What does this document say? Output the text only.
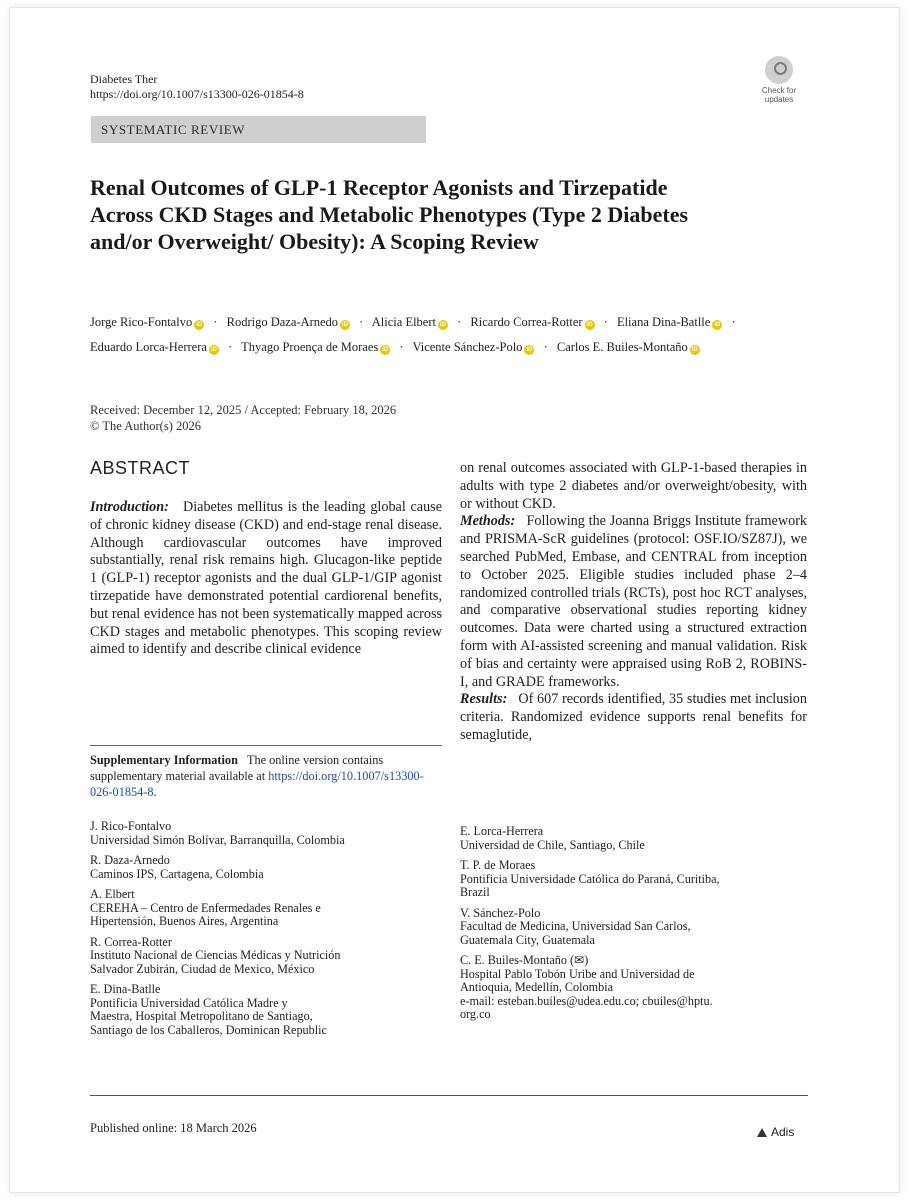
Diabetes Ther
https://doi.org/10.1007/s13300-026-01854-8	Check for updates
SYSTEMATIC REVIEW
Renal Outcomes of GLP-1 Receptor Agonists and Tirzepatide Across CKD Stages and Metabolic Phenotypes (Type 2 Diabetes and/or Overweight/ Obesity): A Scoping Review
Jorge Rico-Fontalvo iD · Rodrigo Daza-Arnedo iD · Alicia Elbert iD · Ricardo Correa-Rotter iD · Eliana Dina-Batlle iD ·
Eduardo Lorca-Herrera iD · Thyago Proença de Moraes iD · Vicente Sánchez-Polo iD · Carlos E. Builes-Montaño iD
Received: December 12, 2025 / Accepted: February 18, 2026
© The Author(s) 2026
ABSTRACT
Introduction: Diabetes mellitus is the leading global cause of chronic kidney disease (CKD) and end-stage renal disease. Although cardiovascular outcomes have improved substantially, renal risk remains high. Glucagon-like peptide 1 (GLP-1) receptor agonists and the dual GLP-1/GIP agonist tirzepatide have demonstrated potential cardiorenal benefits, but renal evidence has not been systematically mapped across CKD stages and metabolic phenotypes. This scoping review aimed to identify and describe clinical evidence
on renal outcomes associated with GLP-1-based therapies in adults with type 2 diabetes and/or overweight/obesity, with or without CKD.
Methods: Following the Joanna Briggs Institute framework and PRISMA-ScR guidelines (protocol: OSF.IO/SZ87J), we searched PubMed, Embase, and CENTRAL from inception to October 2025. Eligible studies included phase 2–4 randomized controlled trials (RCTs), post hoc RCT analyses, and comparative observational studies reporting kidney outcomes. Data were charted using a structured extraction form with AI-assisted screening and manual validation. Risk of bias and certainty were appraised using RoB 2, ROBINS-I, and GRADE frameworks.
Results: Of 607 records identified, 35 studies met inclusion criteria. Randomized evidence supports renal benefits for semaglutide,
Supplementary Information The online version contains supplementary material available at https://doi.org/10.1007/s13300-026-01854-8.
J. Rico-Fontalvo
Universidad Simón Bolívar, Barranquilla, Colombia
R. Daza-Arnedo
Caminos IPS, Cartagena, Colombia
A. Elbert
CEREHA – Centro de Enfermedades Renales e
Hipertensión, Buenos Aires, Argentina
R. Correa-Rotter
Instituto Nacional de Ciencias Médicas y Nutrición
Salvador Zubirán, Ciudad de Mexico, México
E. Dina-Batlle
Pontificia Universidad Católica Madre y
Maestra, Hospital Metropolitano de Santiago,
Santiago de los Caballeros, Dominican Republic
E. Lorca-Herrera
Universidad de Chile, Santiago, Chile
T. P. de Moraes
Pontificia Universidade Católica do Paraná, Curitiba,
Brazil
V. Sánchez-Polo
Facultad de Medicina, Universidad San Carlos,
Guatemala City, Guatemala
C. E. Builes-Montaño (✉)
Hospital Pablo Tobón Uribe and Universidad de
Antioquia, Medellín, Colombia
e-mail: esteban.builes@udea.edu.co; cbuiles@hptu.
org.co
Published online: 18 March 2026	Adis
